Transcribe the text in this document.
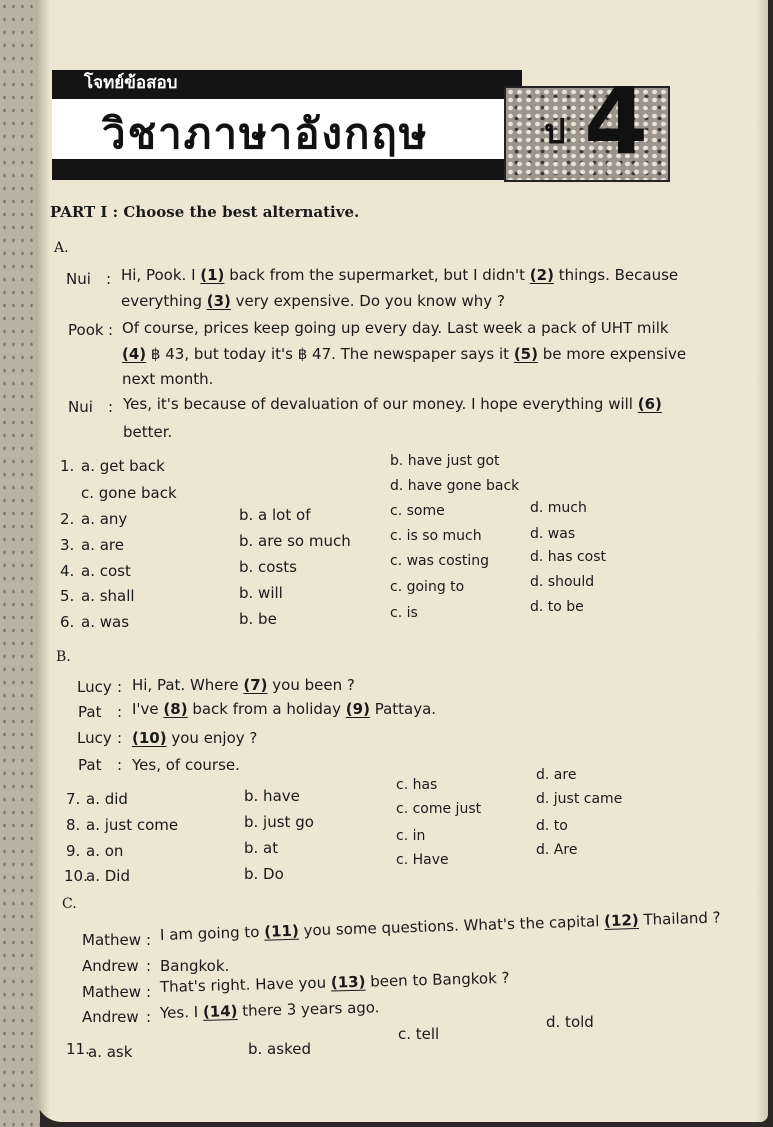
โจทย์ข้อสอบ
วิชาภาษาอังกฤษ	ป 4
PART I : Choose the best alternative.
A.
Nui : Hi, Pook. I (1) back from the supermarket, but I didn't (2) things. Because
everything (3) very expensive. Do you know why ?
Pook : Of course, prices keep going up every day. Last week a pack of UHT milk
(4) ฿ 43, but today it's ฿ 47. The newspaper says it (5) be more expensive
next month.
Nui : Yes, it's because of devaluation of our money. I hope everything will (6)
better.
1. a. get back	b. have just got
c. gone back	d. have gone back
2. a. any	b. a lot of	c. some	d. much
3. a. are	b. are so much	c. is so much	d. was
4. a. cost	b. costs	c. was costing	d. has cost
5. a. shall	b. will	c. going to	d. should
6. a. was	b. be	c. is	d. to be
B.
Lucy : Hi, Pat. Where (7) you been ?
Pat : I've (8) back from a holiday (9) Pattaya.
Lucy : (10) you enjoy ?
Pat : Yes, of course.
7. a. did	b. have
c. has
d. are
8. a. just come	b. just go
c. come just
d. just came
9. a. on	b. at
c. in
d. to
10.
a. Did	b. Do
c. Have
d. Are
C.
Mathew : I am going to (11) you some questions. What's the capital (12) Thailand ?
Andrew : Bangkok.
Mathew : That's right. Have you (13) been to Bangkok ?
Andrew : Yes. I (14) there 3 years ago.
11.
a. ask	b. asked
c. tell
d. told
